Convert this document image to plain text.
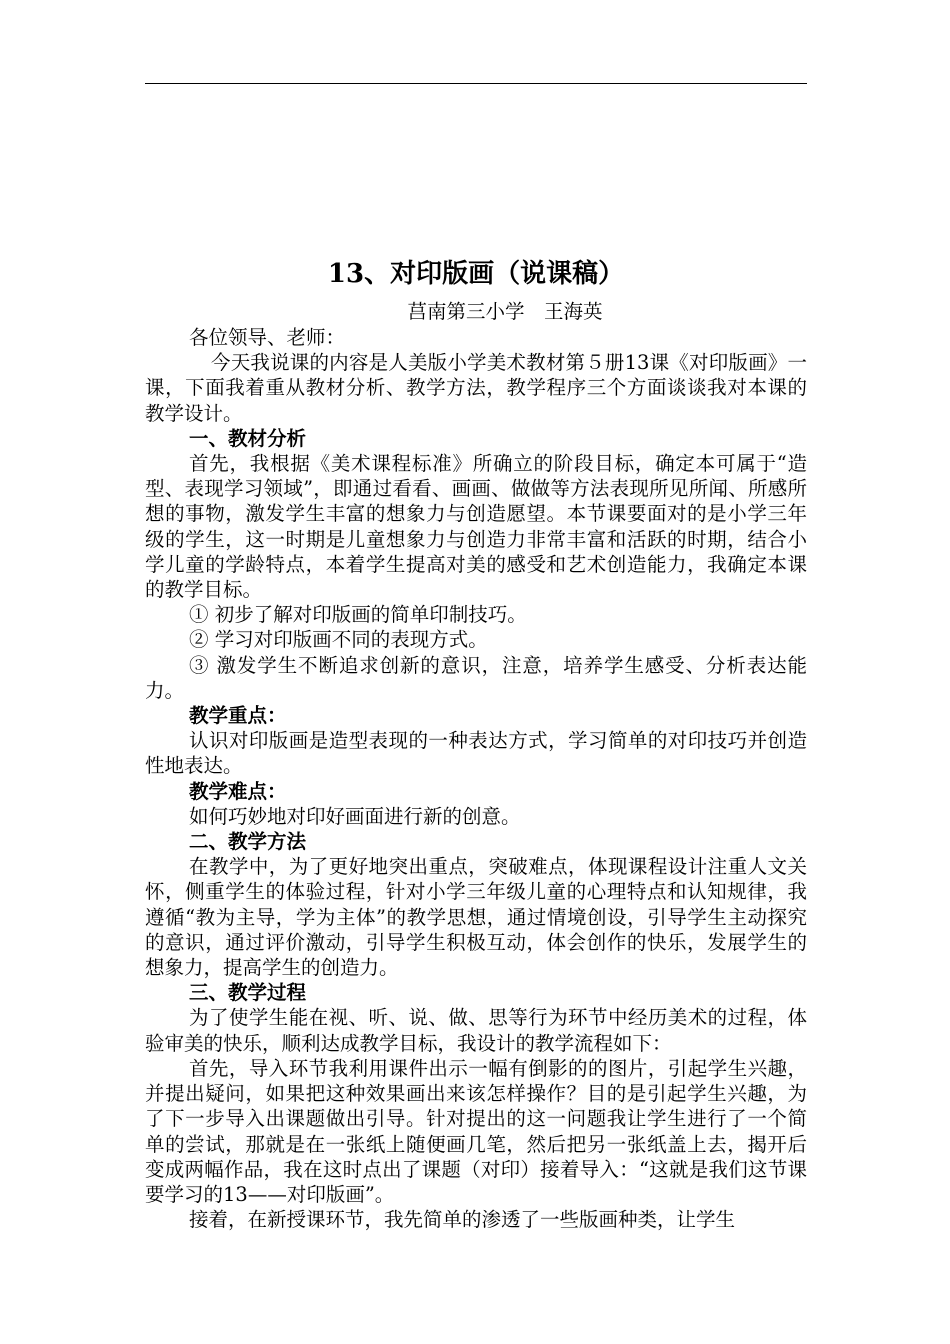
13、对印版画（说课稿）
莒南第三小学　王海英

各位领导、老师：

今天我说课的内容是人美版小学美术教材第５册13课《对印版画》一课，下面我着重从教材分析、教学方法，教学程序三个方面谈谈我对本课的教学设计。

一、教材分析

首先，我根据《美术课程标准》所确立的阶段目标，确定本可属于“造型、表现学习领域”，即通过看看、画画、做做等方法表现所见所闻、所感所想的事物，激发学生丰富的想象力与创造愿望。本节课要面对的是小学三年级的学生，这一时期是儿童想象力与创造力非常丰富和活跃的时期，结合小学儿童的学龄特点，本着学生提高对美的感受和艺术创造能力，我确定本课的教学目标。

① 初步了解对印版画的简单印制技巧。

② 学习对印版画不同的表现方式。

③ 激发学生不断追求创新的意识，注意，培养学生感受、分析表达能力。

教学重点：

认识对印版画是造型表现的一种表达方式，学习简单的对印技巧并创造性地表达。

教学难点：

如何巧妙地对印好画面进行新的创意。

二、教学方法

在教学中，为了更好地突出重点，突破难点，体现课程设计注重人文关怀，侧重学生的体验过程，针对小学三年级儿童的心理特点和认知规律，我遵循“教为主导，学为主体”的教学思想，通过情境创设，引导学生主动探究的意识，通过评价激动，引导学生积极互动，体会创作的快乐，发展学生的想象力，提高学生的创造力。

三、教学过程

为了使学生能在视、听、说、做、思等行为环节中经历美术的过程，体验审美的快乐，顺利达成教学目标，我设计的教学流程如下：

首先，导入环节我利用课件出示一幅有倒影的的图片，引起学生兴趣，并提出疑问，如果把这种效果画出来该怎样操作？目的是引起学生兴趣，为了下一步导入出课题做出引导。针对提出的这一问题我让学生进行了一个简单的尝试，那就是在一张纸上随便画几笔，然后把另一张纸盖上去，揭开后变成两幅作品，我在这时点出了课题（对印）接着导入：“这就是我们这节课要学习的13——对印版画”。

接着，在新授课环节，我先简单的渗透了一些版画种类，让学生
